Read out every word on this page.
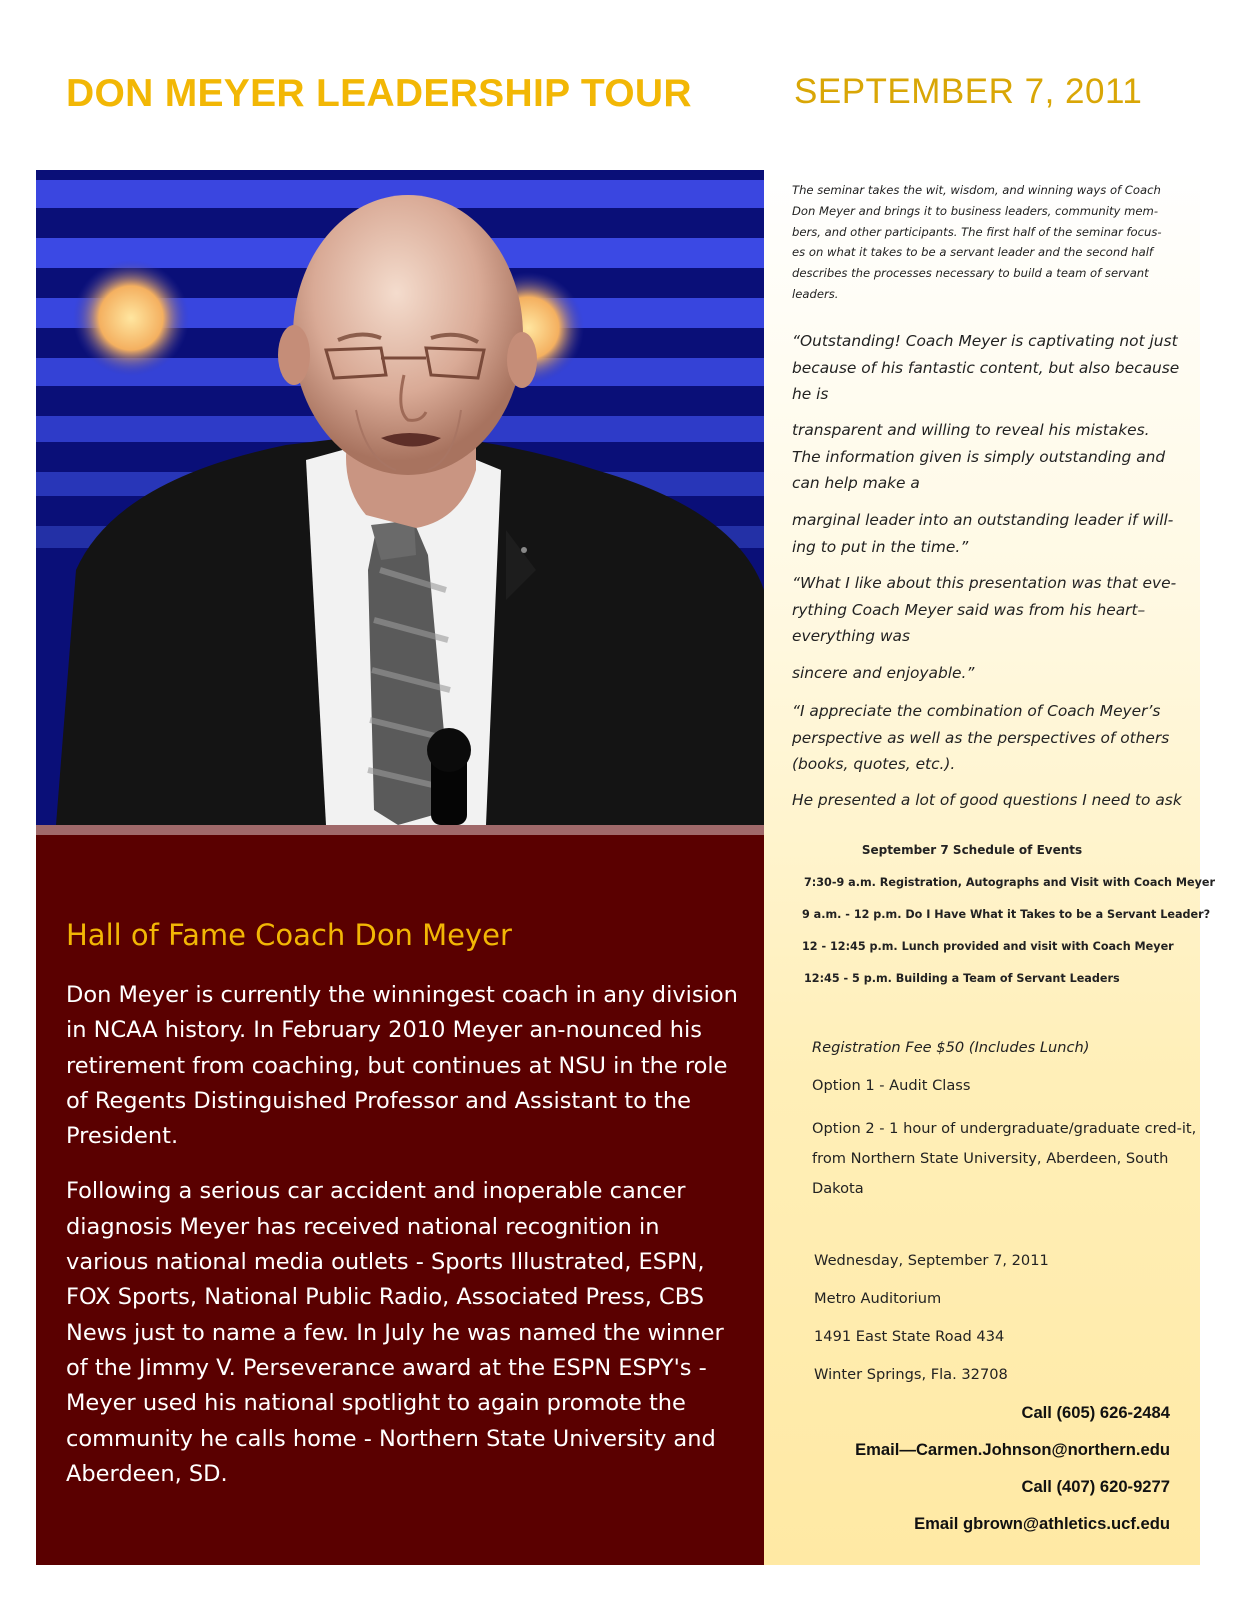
DON MEYER LEADERSHIP TOUR	SEPTEMBER 7, 2011
Hall of Fame Coach Don Meyer

Don Meyer is currently the winningest coach in any division in NCAA history. In February 2010 Meyer an-nounced his retirement from coaching, but continues at NSU in the role of Regents Distinguished Professor and Assistant to the President.

Following a serious car accident and inoperable cancer diagnosis Meyer has received national recognition in various national media outlets - Sports Illustrated, ESPN, FOX Sports, National Public Radio, Associated Press, CBS News just to name a few. In July he was named the winner of the Jimmy V. Perseverance award at the ESPN ESPY's - Meyer used his national spotlight to again promote the community he calls home - Northern State University and Aberdeen, SD.

The seminar takes the wit, wisdom, and winning ways of Coach Don Meyer and brings it to business leaders, community mem-bers, and other participants. The first half of the seminar focus-es on what it takes to be a servant leader and the second half describes the processes necessary to build a team of servant leaders.
“Outstanding! Coach Meyer is captivating not just because of his fantastic content, but also because he is
transparent and willing to reveal his mistakes. The information given is simply outstanding and can help make a
marginal leader into an outstanding leader if will-ing to put in the time.”
“What I like about this presentation was that eve-rything Coach Meyer said was from his heart–everything was
sincere and enjoyable.”
“I appreciate the combination of Coach Meyer’s perspective as well as the perspectives of others (books, quotes, etc.).
He presented a lot of good questions I need to ask
September 7 Schedule of Events
7:30-9 a.m. Registration, Autographs and Visit with Coach Meyer
9 a.m. - 12 p.m. Do I Have What it Takes to be a Servant Leader?
12 - 12:45 p.m. Lunch provided and visit with Coach Meyer
12:45 - 5 p.m. Building a Team of Servant Leaders
Registration Fee $50 (Includes Lunch)
Option 1 - Audit Class
Option 2 - 1 hour of undergraduate/graduate cred-it, from Northern State University, Aberdeen, South Dakota
Wednesday, September 7, 2011
Metro Auditorium
1491 East State Road 434
Winter Springs, Fla. 32708
Call (605) 626-2484
Email—Carmen.Johnson@northern.edu
Call (407) 620-9277
Email gbrown@athletics.ucf.edu
